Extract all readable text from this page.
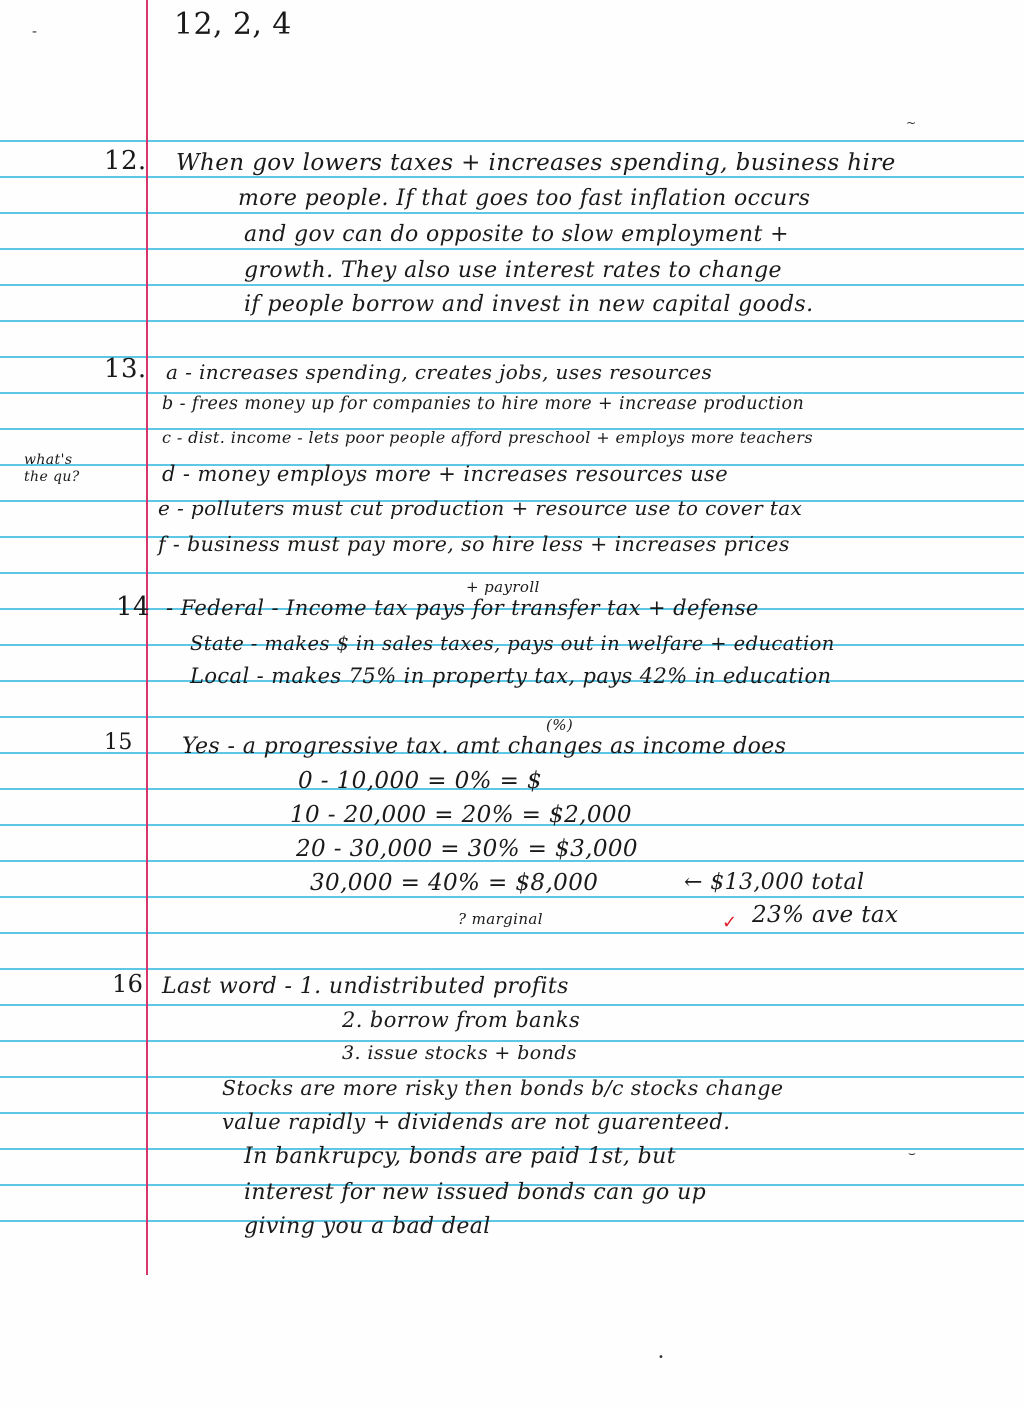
-	12, 2, 4
12. When gov lowers taxes + increases spending, business hire
more people. If that goes too fast inflation occurs
and gov can do opposite to slow employment +
growth. They also use interest rates to change
if people borrow and invest in new capital goods.
13. a - increases spending, creates jobs, uses resources
b - frees money up for companies to hire more + increase production
c - dist. income - lets poor people afford preschool + employs more teachers
d - money employs more + increases resources use
e - polluters must cut production + resource use to cover tax
f - business must pay more, so hire less + increases prices
what's the qu?
14
+ payroll
- Federal - Income tax pays for transfer tax + defense
State - makes $ in sales taxes, pays out in welfare + education
Local - makes 75% in property tax, pays 42% in education
15
(%)
Yes - a progressive tax. amt changes as income does
0 - 10,000 = 0% = $
10 - 20,000 = 20% = $2,000
20 - 30,000 = 30% = $3,000
30,000 = 40% = $8,000	← $13,000 total
? marginal	23% ave tax
✓
16 Last word - 1. undistributed profits
2. borrow from banks
3. issue stocks + bonds
Stocks are more risky then bonds b/c stocks change
value rapidly + dividends are not guarenteed.
In bankrupcy, bonds are paid 1st, but
interest for new issued bonds can go up
giving you a bad deal
~
⌣
•
